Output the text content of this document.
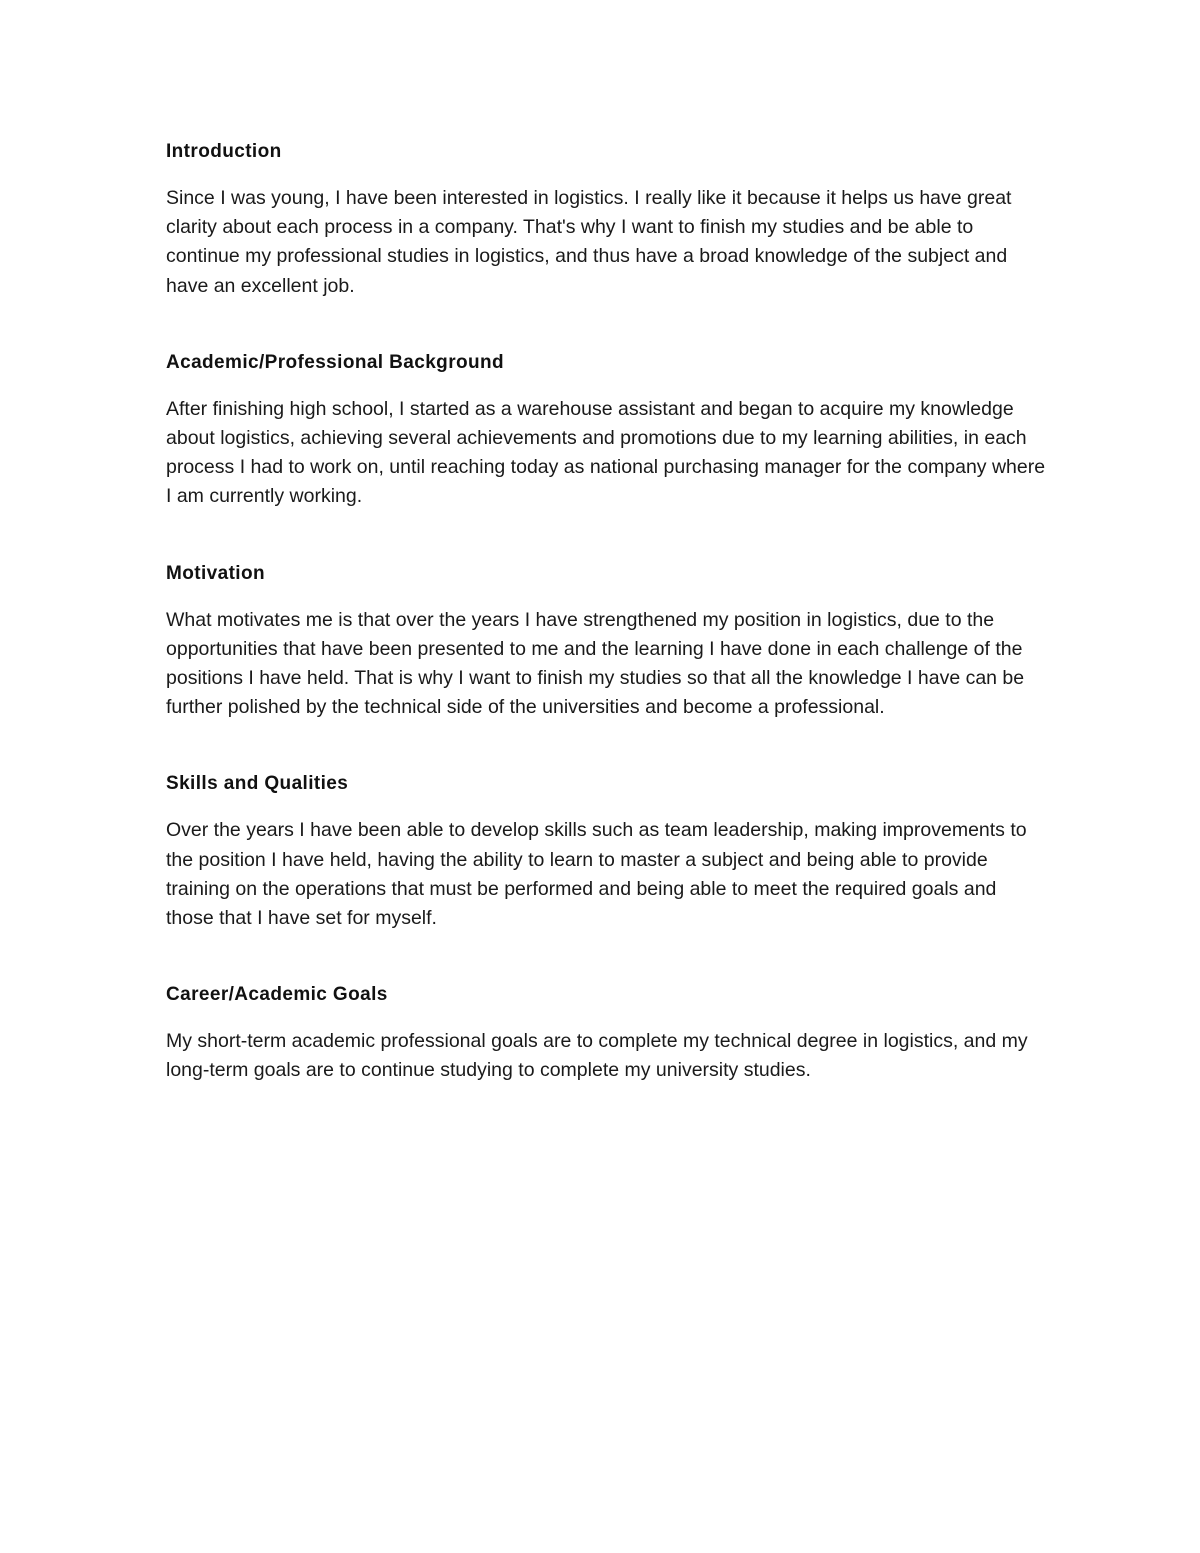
Introduction

Since I was young, I have been interested in logistics. I really like it because it helps us have great clarity about each process in a company. That's why I want to finish my studies and be able to continue my professional studies in logistics, and thus have a broad knowledge of the subject and have an excellent job.

Academic/Professional Background

After finishing high school, I started as a warehouse assistant and began to acquire my knowledge about logistics, achieving several achievements and promotions due to my learning abilities, in each process I had to work on, until reaching today as national purchasing manager for the company where I am currently working.

Motivation

What motivates me is that over the years I have strengthened my position in logistics, due to the opportunities that have been presented to me and the learning I have done in each challenge of the positions I have held. That is why I want to finish my studies so that all the knowledge I have can be further polished by the technical side of the universities and become a professional.

Skills and Qualities

Over the years I have been able to develop skills such as team leadership, making improvements to the position I have held, having the ability to learn to master a subject and being able to provide training on the operations that must be performed and being able to meet the required goals and those that I have set for myself.

Career/Academic Goals

My short-term academic professional goals are to complete my technical degree in logistics, and my long-term goals are to continue studying to complete my university studies.
